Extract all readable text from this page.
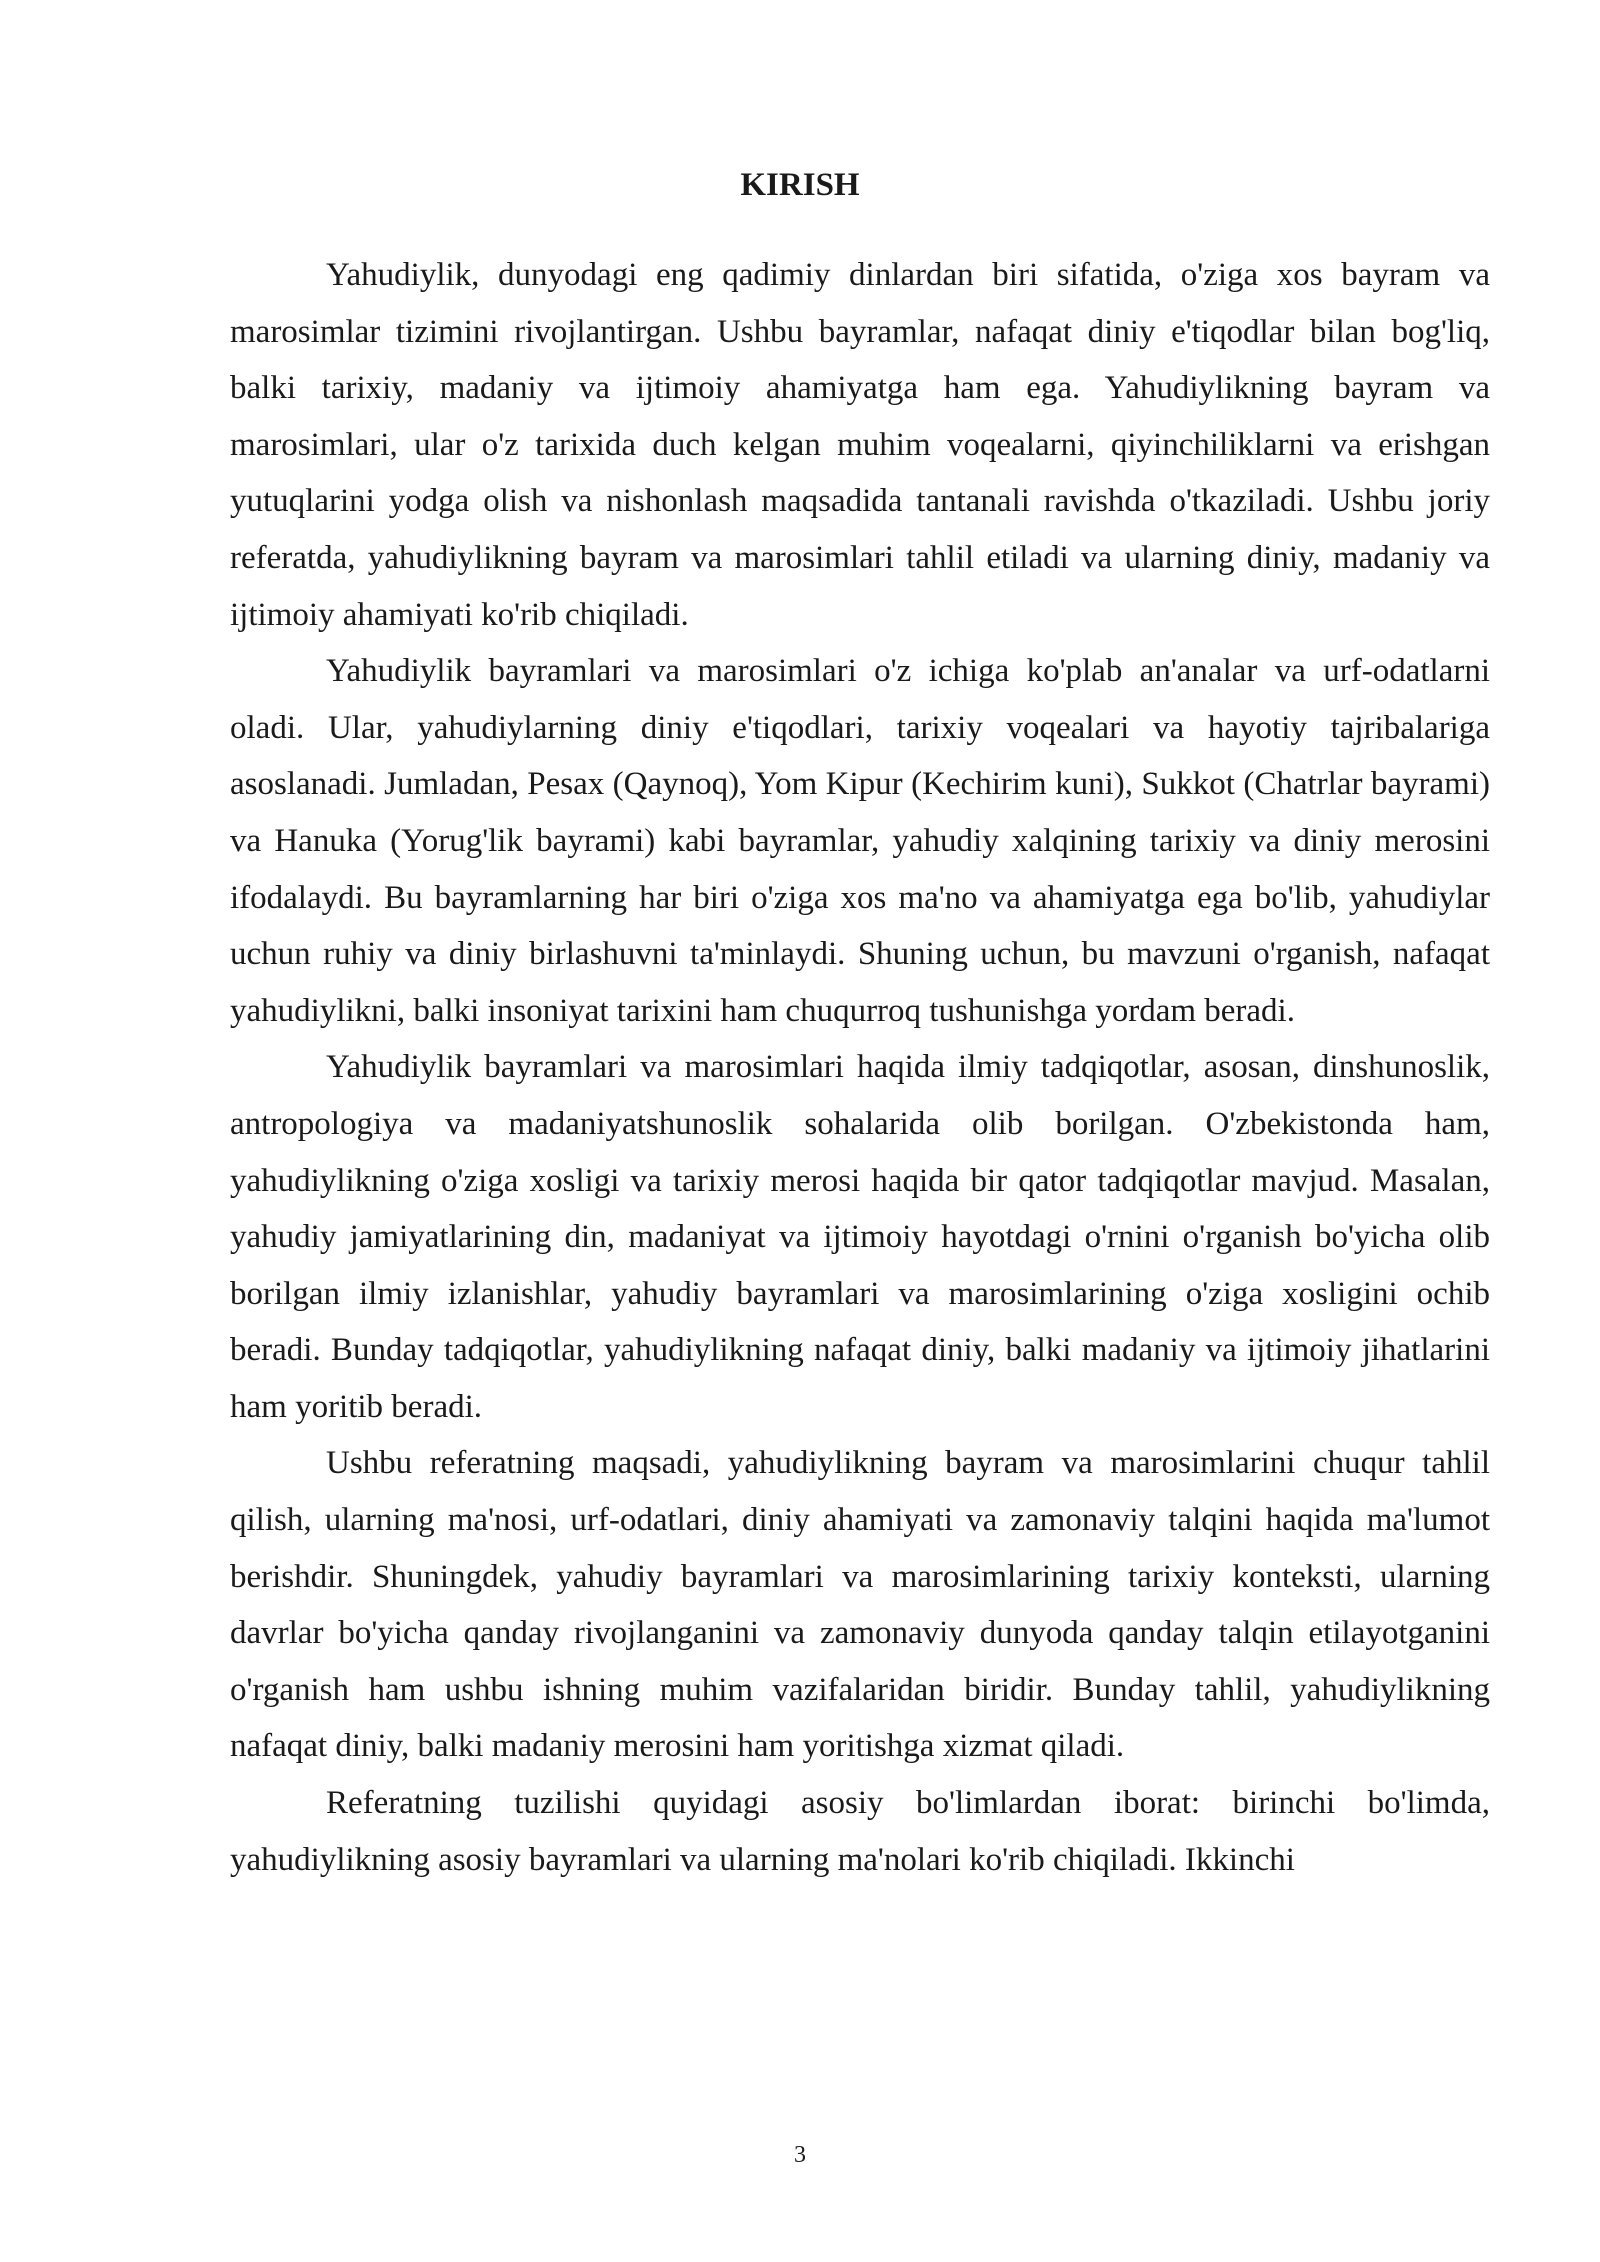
KIRISH

Yahudiylik, dunyodagi eng qadimiy dinlardan biri sifatida, o'ziga xos bayram va marosimlar tizimini rivojlantirgan. Ushbu bayramlar, nafaqat diniy e'tiqodlar bilan bog'liq, balki tarixiy, madaniy va ijtimoiy ahamiyatga ham ega. Yahudiylikning bayram va marosimlari, ular o'z tarixida duch kelgan muhim voqealarni, qiyinchiliklarni va erishgan yutuqlarini yodga olish va nishonlash maqsadida tantanali ravishda o'tkaziladi. Ushbu joriy referatda, yahudiylikning bayram va marosimlari tahlil etiladi va ularning diniy, madaniy va ijtimoiy ahamiyati ko'rib chiqiladi.

Yahudiylik bayramlari va marosimlari o'z ichiga ko'plab an'analar va urf-odatlarni oladi. Ular, yahudiylarning diniy e'tiqodlari, tarixiy voqealari va hayotiy tajribalariga asoslanadi. Jumladan, Pesax (Qaynoq), Yom Kipur (Kechirim kuni), Sukkot (Chatrlar bayrami) va Hanuka (Yorug'lik bayrami) kabi bayramlar, yahudiy xalqining tarixiy va diniy merosini ifodalaydi. Bu bayramlarning har biri o'ziga xos ma'no va ahamiyatga ega bo'lib, yahudiylar uchun ruhiy va diniy birlashuvni ta'minlaydi. Shuning uchun, bu mavzuni o'rganish, nafaqat yahudiylikni, balki insoniyat tarixini ham chuqurroq tushunishga yordam beradi.

Yahudiylik bayramlari va marosimlari haqida ilmiy tadqiqotlar, asosan, dinshunoslik, antropologiya va madaniyatshunoslik sohalarida olib borilgan. O'zbekistonda ham, yahudiylikning o'ziga xosligi va tarixiy merosi haqida bir qator tadqiqotlar mavjud. Masalan, yahudiy jamiyatlarining din, madaniyat va ijtimoiy hayotdagi o'rnini o'rganish bo'yicha olib borilgan ilmiy izlanishlar, yahudiy bayramlari va marosimlarining o'ziga xosligini ochib beradi. Bunday tadqiqotlar, yahudiylikning nafaqat diniy, balki madaniy va ijtimoiy jihatlarini ham yoritib beradi.

Ushbu referatning maqsadi, yahudiylikning bayram va marosimlarini chuqur tahlil qilish, ularning ma'nosi, urf-odatlari, diniy ahamiyati va zamonaviy talqini haqida ma'lumot berishdir. Shuningdek, yahudiy bayramlari va marosimlarining tarixiy konteksti, ularning davrlar bo'yicha qanday rivojlanganini va zamonaviy dunyoda qanday talqin etilayotganini o'rganish ham ushbu ishning muhim vazifalaridan biridir. Bunday tahlil, yahudiylikning nafaqat diniy, balki madaniy merosini ham yoritishga xizmat qiladi.

Referatning tuzilishi quyidagi asosiy bo'limlardan iborat: birinchi bo'limda, yahudiylikning asosiy bayramlari va ularning ma'nolari ko'rib chiqiladi. Ikkinchi

3
